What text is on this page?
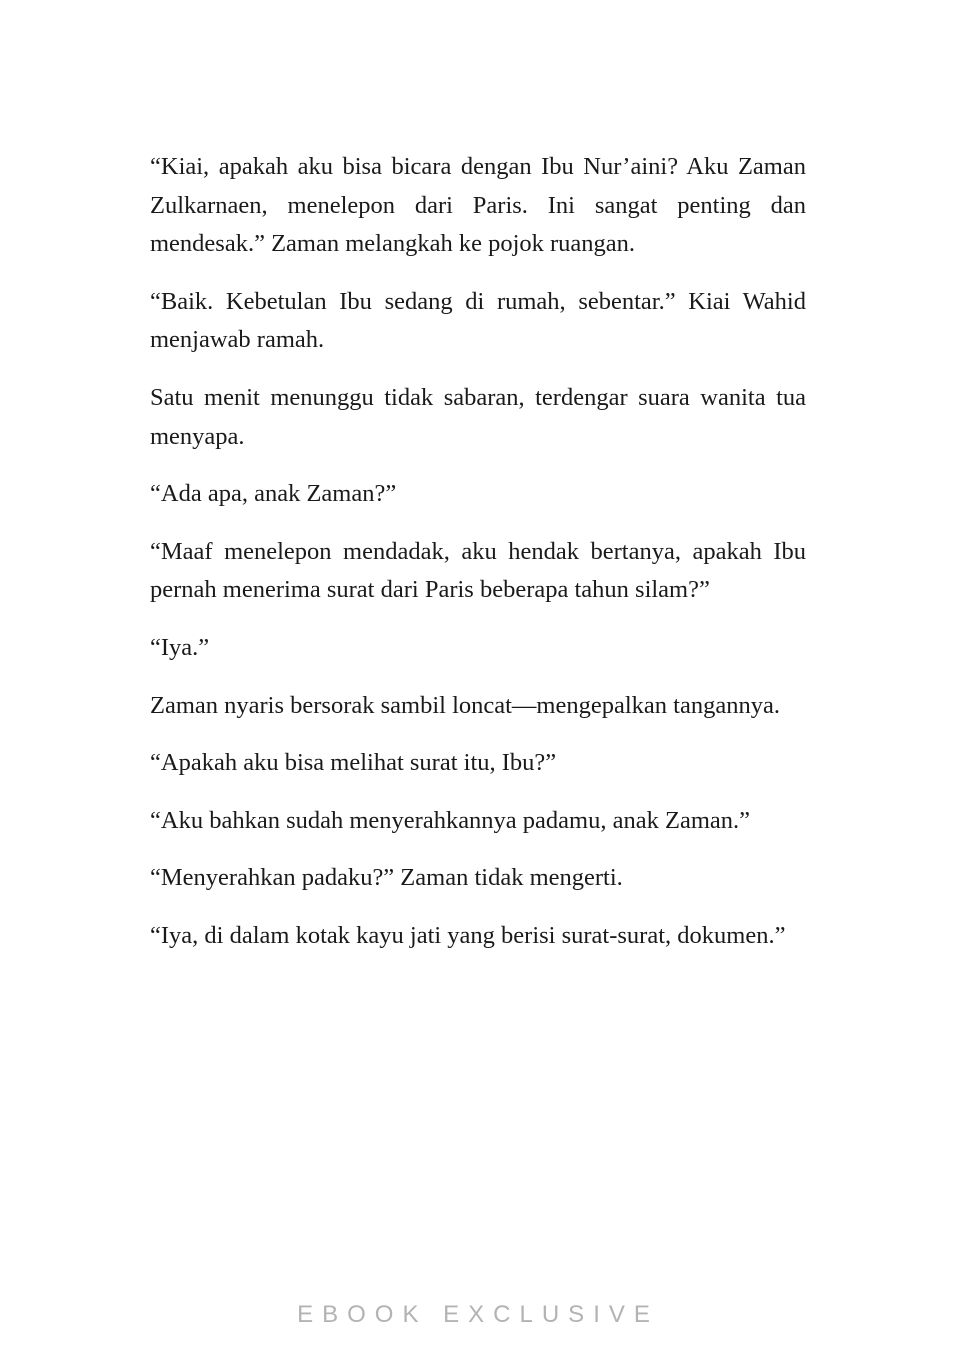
“Kiai, apakah aku bisa bicara dengan Ibu Nur’aini? Aku Zaman Zulkarnaen, menelepon dari Paris. Ini sangat penting dan mendesak.” Zaman melangkah ke pojok ruangan.

“Baik. Kebetulan Ibu sedang di rumah, sebentar.” Kiai Wahid menjawab ramah.

Satu menit menunggu tidak sabaran, terdengar suara wanita tua menyapa.

“Ada apa, anak Zaman?”

“Maaf menelepon mendadak, aku hendak bertanya, apakah Ibu pernah menerima surat dari Paris beberapa tahun silam?”

“Iya.”

Zaman nyaris bersorak sambil loncat—mengepalkan tangannya.

“Apakah aku bisa melihat surat itu, Ibu?”

“Aku bahkan sudah menyerahkannya padamu, anak Zaman.”

“Menyerahkan padaku?” Zaman tidak mengerti.

“Iya, di dalam kotak kayu jati yang berisi surat-surat, dokumen.”

EBOOK EXCLUSIVE
